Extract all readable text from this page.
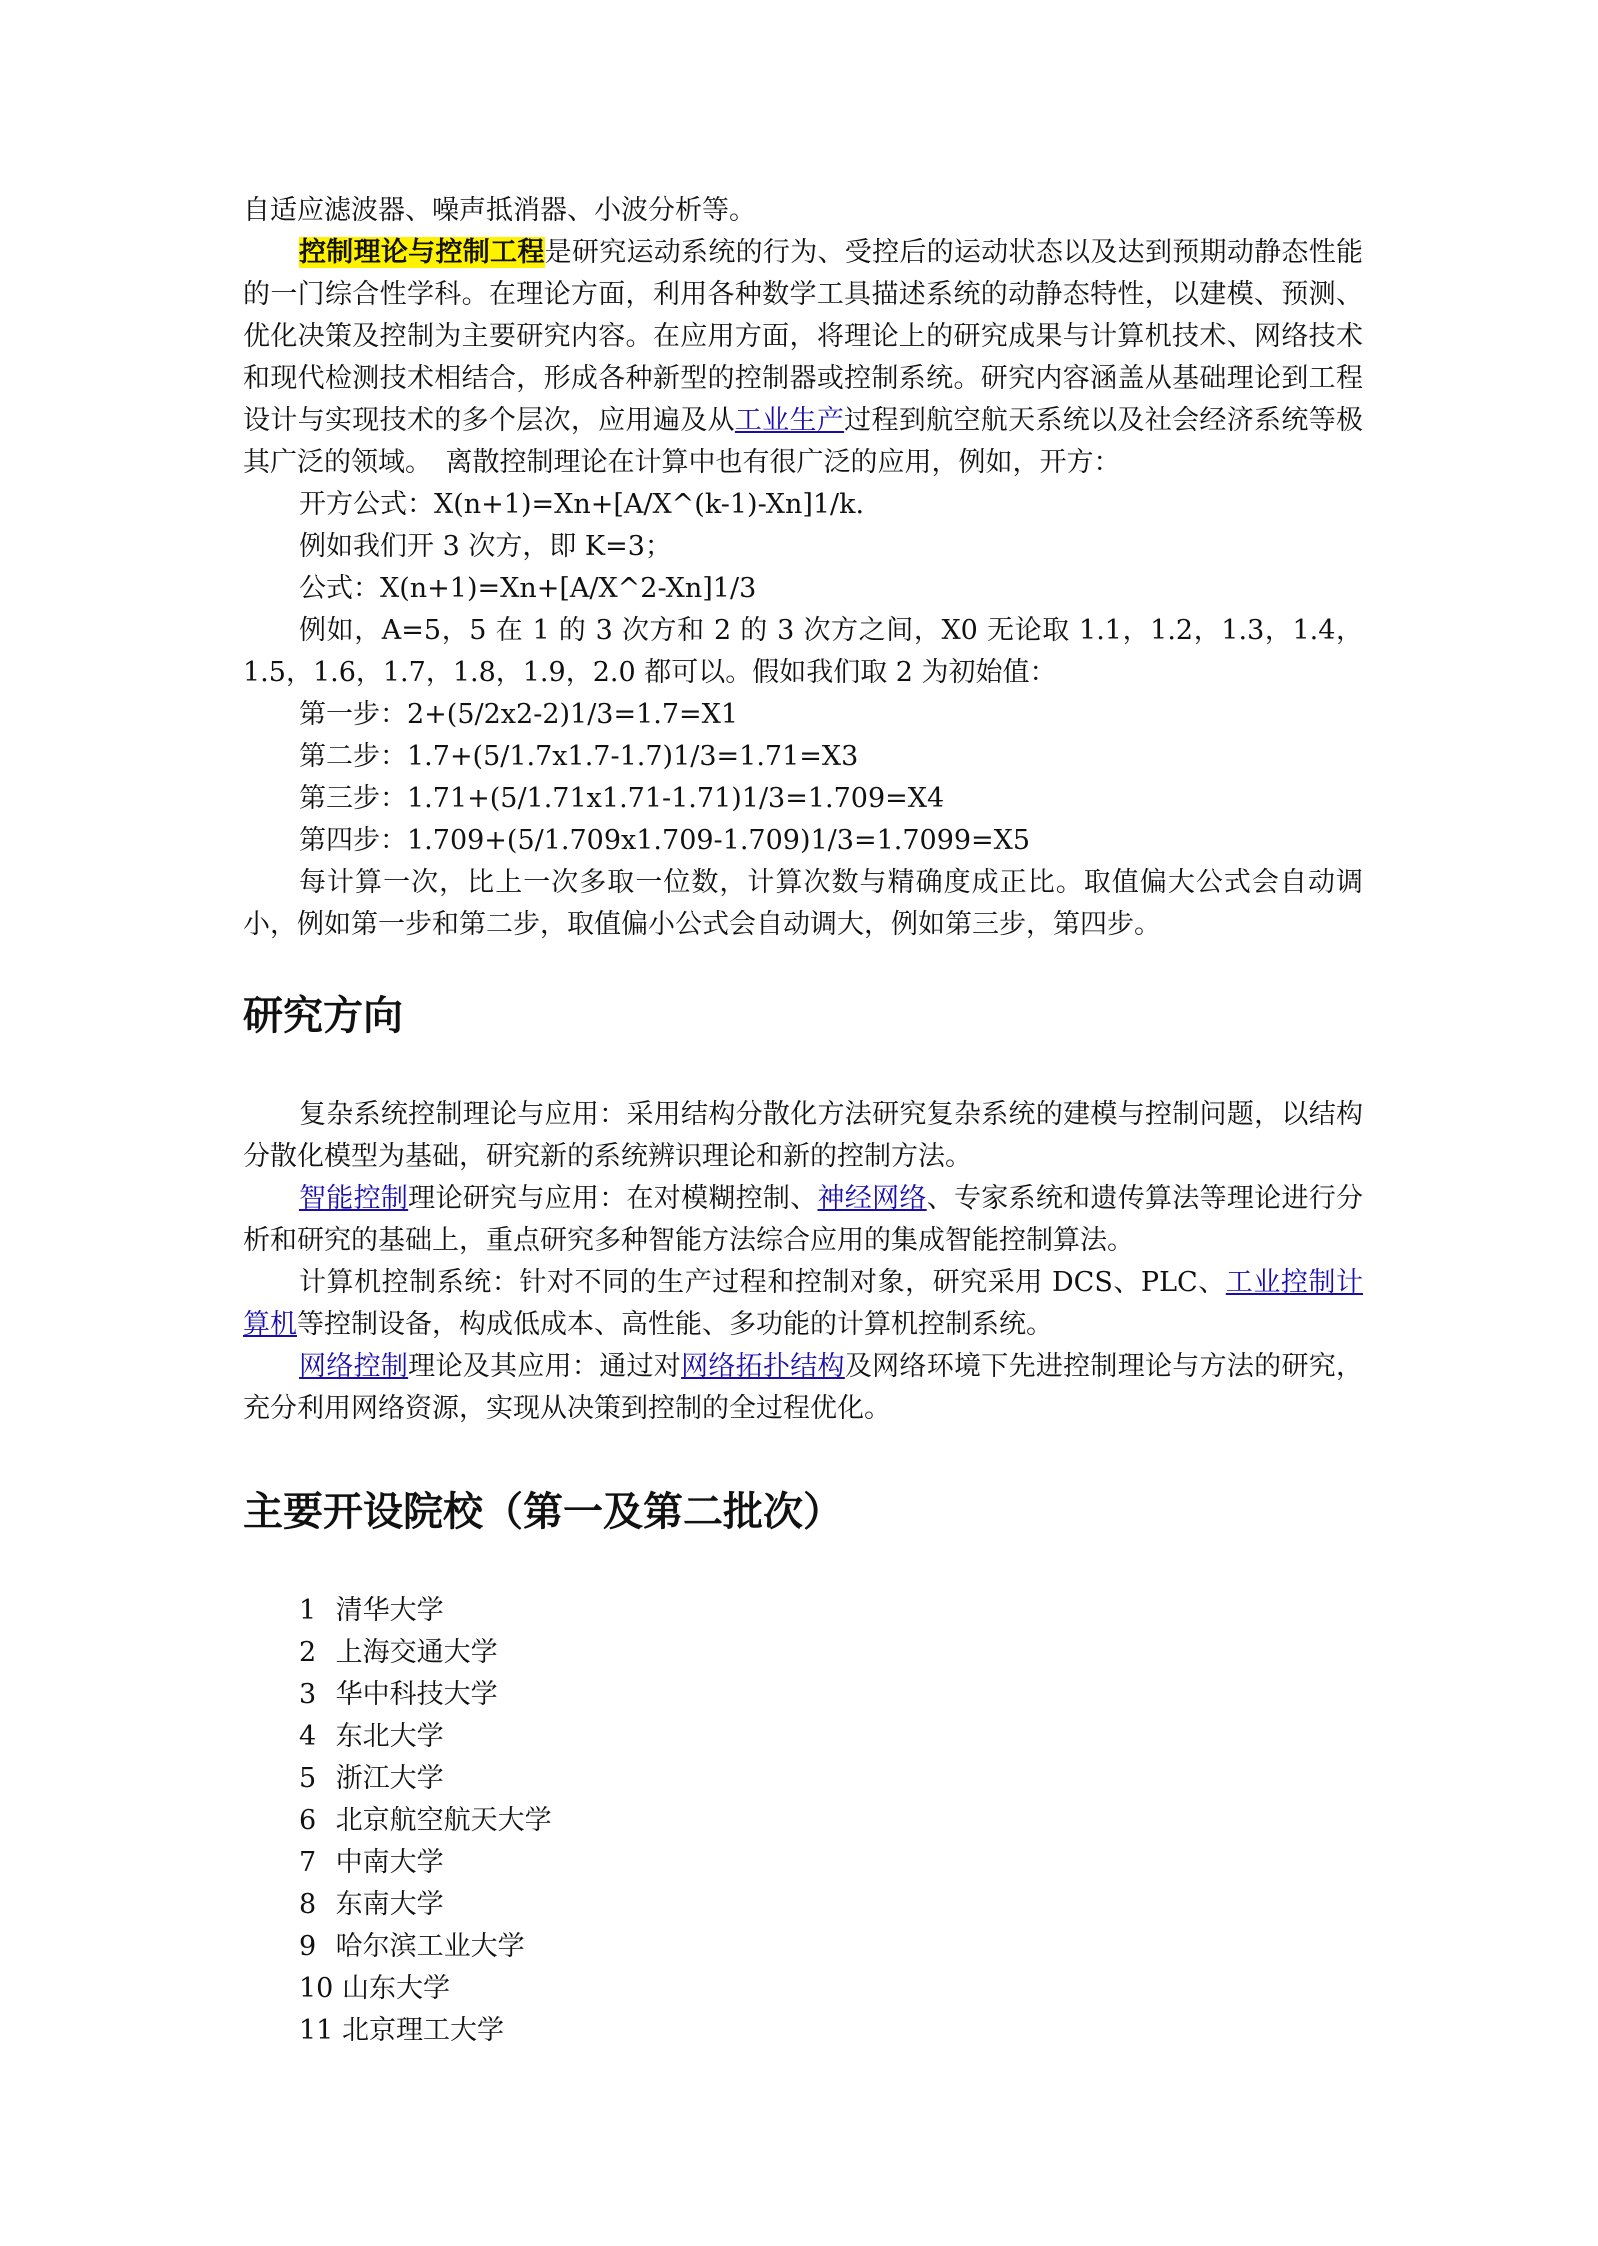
自适应滤波器、噪声抵消器、小波分析等。

控制理论与控制工程是研究运动系统的行为、受控后的运动状态以及达到预期动静态性能的一门综合性学科。在理论方面，利用各种数学工具描述系统的动静态特性，以建模、预测、优化决策及控制为主要研究内容。在应用方面，将理论上的研究成果与计算机技术、网络技术和现代检测技术相结合，形成各种新型的控制器或控制系统。研究内容涵盖从基础理论到工程设计与实现技术的多个层次，应用遍及从工业生产过程到航空航天系统以及社会经济系统等极其广泛的领域。　离散控制理论在计算中也有很广泛的应用，例如，开方：

开方公式：X(n+1)=Xn+[A/X^(k-1)-Xn]1/k.
例如我们开 3 次方，即 K=3；
公式：X(n+1)=Xn+[A/X^2-Xn]1/3

例如，A=5，5 在 1 的 3 次方和 2 的 3 次方之间，X0 无论取 1.1，1.2，1.3，1.4，1.5，1.6，1.7，1.8，1.9，2.0 都可以。假如我们取 2 为初始值：

第一步：2+(5/2x2-2)1/3=1.7=X1
第二步：1.7+(5/1.7x1.7-1.7)1/3=1.71=X3
第三步：1.71+(5/1.71x1.71-1.71)1/3=1.709=X4
第四步：1.709+(5/1.709x1.709-1.709)1/3=1.7099=X5

每计算一次，比上一次多取一位数，计算次数与精确度成正比。取值偏大公式会自动调小，例如第一步和第二步，取值偏小公式会自动调大，例如第三步，第四步。

研究方向

复杂系统控制理论与应用：采用结构分散化方法研究复杂系统的建模与控制问题，以结构分散化模型为基础，研究新的系统辨识理论和新的控制方法。

智能控制理论研究与应用：在对模糊控制、神经网络、专家系统和遗传算法等理论进行分析和研究的基础上，重点研究多种智能方法综合应用的集成智能控制算法。

计算机控制系统：针对不同的生产过程和控制对象，研究采用 DCS、PLC、工业控制计算机等控制设备，构成低成本、高性能、多功能的计算机控制系统。

网络控制理论及其应用：通过对网络拓扑结构及网络环境下先进控制理论与方法的研究，充分利用网络资源，实现从决策到控制的全过程优化。

主要开设院校（第一及第二批次）
1 清华大学
2 上海交通大学
3 华中科技大学
4 东北大学
5 浙江大学
6 北京航空航天大学
7 中南大学
8 东南大学
9 哈尔滨工业大学
10 山东大学
11 北京理工大学
